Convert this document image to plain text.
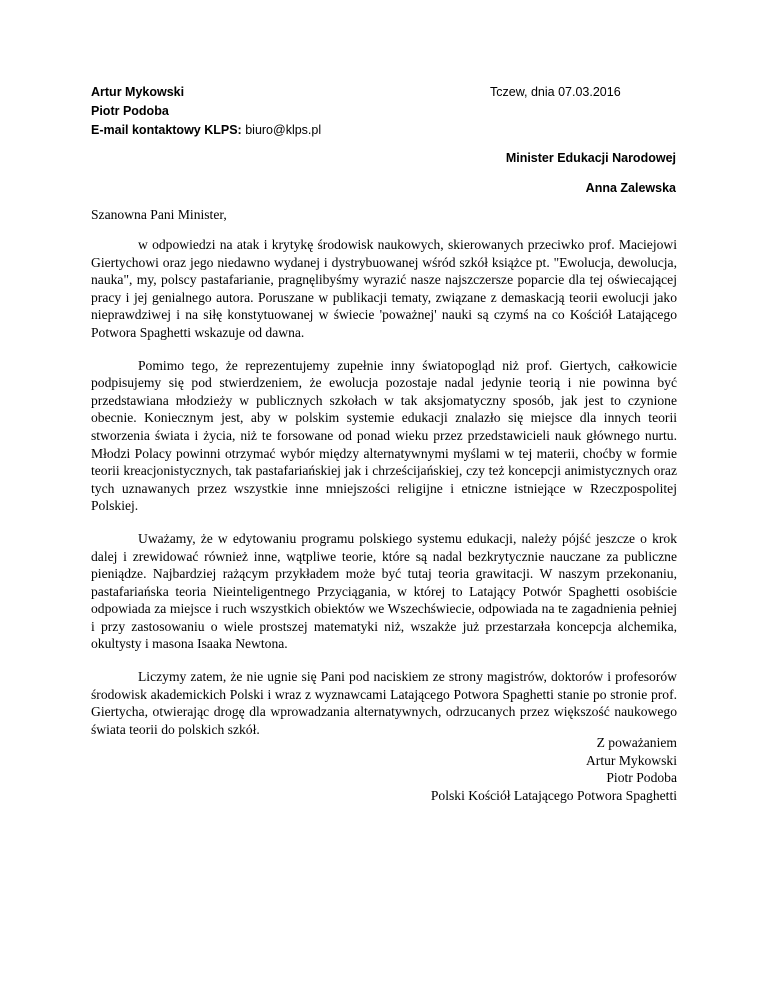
Artur Mykowski
Piotr Podoba
E-mail kontaktowy KLPS: biuro@klps.pl
Tczew, dnia 07.03.2016
Minister Edukacji Narodowej
Anna Zalewska
Szanowna Pani Minister,

w odpowiedzi na atak i krytykę środowisk naukowych, skierowanych przeciwko prof. Maciejowi Giertychowi oraz jego niedawno wydanej i dystrybuowanej wśród szkół książce pt. "Ewolucja, dewolucja, nauka", my, polscy pastafarianie, pragnęlibyśmy wyrazić nasze najszczersze poparcie dla tej oświecającej pracy i jej genialnego autora. Poruszane w publikacji tematy, związane z demaskacją teorii ewolucji jako nieprawdziwej i na siłę konstytuowanej w świecie 'poważnej' nauki są czymś na co Kościół Latającego Potwora Spaghetti wskazuje od dawna.

Pomimo tego, że reprezentujemy zupełnie inny światopogląd niż prof. Giertych, całkowicie podpisujemy się pod stwierdzeniem, że ewolucja pozostaje nadal jedynie teorią i nie powinna być przedstawiana młodzieży w publicznych szkołach w tak aksjomatyczny sposób, jak jest to czynione obecnie. Koniecznym jest, aby w polskim systemie edukacji znalazło się miejsce dla innych teorii stworzenia świata i życia, niż te forsowane od ponad wieku przez przedstawicieli nauk głównego nurtu. Młodzi Polacy powinni otrzymać wybór między alternatywnymi myślami w tej materii, choćby w formie teorii kreacjonistycznych, tak pastafariańskiej jak i chrześcijańskiej, czy też koncepcji animistycznych oraz tych uznawanych przez wszystkie inne mniejszości religijne i etniczne istniejące w Rzeczpospolitej Polskiej.

Uważamy, że w edytowaniu programu polskiego systemu edukacji, należy pójść jeszcze o krok dalej i zrewidować również inne, wątpliwe teorie, które są nadal bezkrytycznie nauczane za publiczne pieniądze. Najbardziej rażącym przykładem może być tutaj teoria grawitacji. W naszym przekonaniu, pastafariańska teoria Nieinteligentnego Przyciągania, w której to Latający Potwór Spaghetti osobiście odpowiada za miejsce i ruch wszystkich obiektów we Wszechświecie, odpowiada na te zagadnienia pełniej i przy zastosowaniu o wiele prostszej matematyki niż, wszakże już przestarzała koncepcja alchemika, okultysty i masona Isaaka Newtona.

Liczymy zatem, że nie ugnie się Pani pod naciskiem ze strony magistrów, doktorów i profesorów środowisk akademickich Polski i wraz z wyznawcami Latającego Potwora Spaghetti stanie po stronie prof. Giertycha, otwierając drogę dla wprowadzania alternatywnych, odrzucanych przez większość naukowego świata teorii do polskich szkół.

Z poważaniem
Artur Mykowski
Piotr Podoba
Polski Kościół Latającego Potwora Spaghetti
